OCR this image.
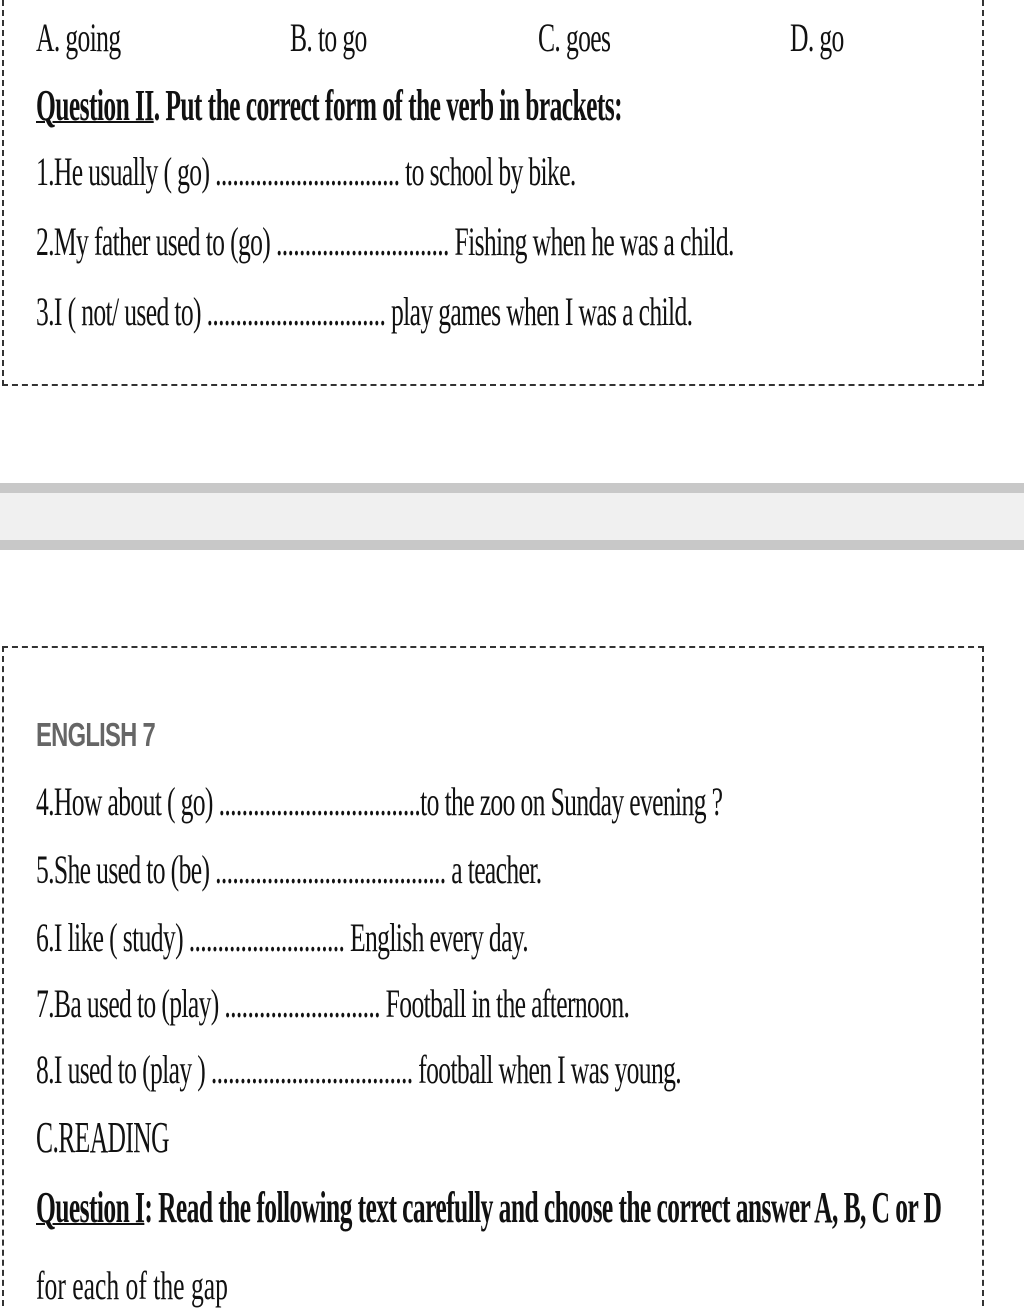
A. going	B. to go	C. goes	D. go
Question II. Put the correct form of the verb in brackets:
1.He usually ( go) ................................ to school by bike.
2.My father used to (go) .............................. Fishing when he was a child.
3.I ( not/ used to) ............................... play games when I was a child.
ENGLISH 7
4.How about ( go) ...................................to the zoo on Sunday evening ?
5.She used to (be) ........................................ a teacher.
6.I like ( study) ........................... English every day.
7.Ba used to (play) ........................... Football in the afternoon.
8.I used to (play ) ................................... football when I was young.
C.READING
Question I: Read the following text carefully and choose the correct answer A, B, C or D
for each of the gap
